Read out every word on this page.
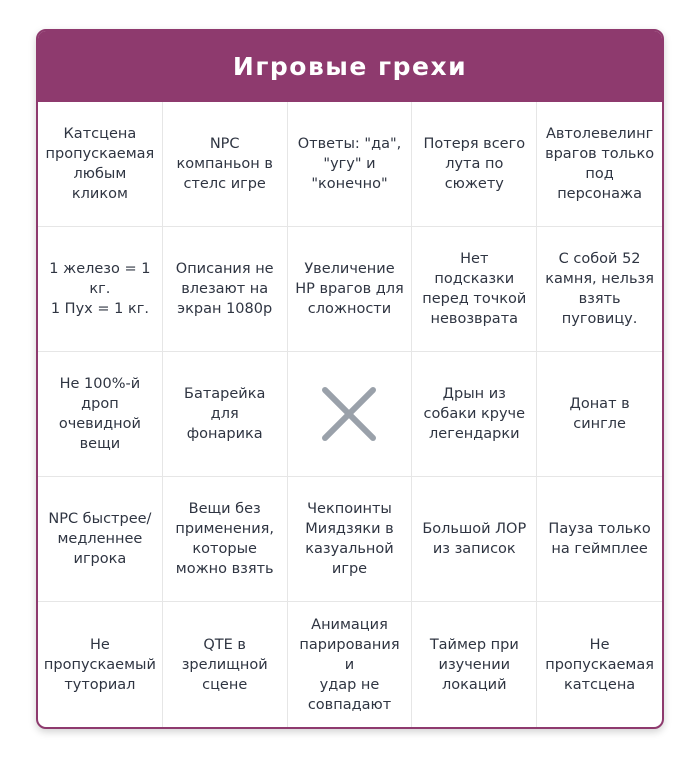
Игровые грехи
Катсцена
пропускаемая
любым
кликом
NPC
компаньон в
стелс игре
Ответы: "да",
"угу" и
"конечно"
Потеря всего
лута по
сюжету
Автолевелинг
врагов только
под
персонажа
1 железо = 1 кг.
1 Пух = 1 кг.
Описания не
влезают на
экран 1080p
Увеличение
HP врагов для
сложности
Нет подсказки
перед точкой
невозврата
С собой 52
камня, нельзя
взять
пуговицу.
Не 100%-й
дроп
очевидной
вещи
Батарейка для
фонарика
Дрын из
собаки круче
легендарки
Донат в сингле
NPC быстрее/
медленнее
игрока
Вещи без
применения,
которые
можно взять
Чекпоинты
Миядзяки в
казуальной
игре
Большой ЛОР
из записок
Пауза только
на геймплее
Не
пропускаемый
туториал
QTE в
зрелищной
сцене
Анимация
парирования и
удар не
совпадают
Таймер при
изучении
локаций
Не
пропускаемая
катсцена
